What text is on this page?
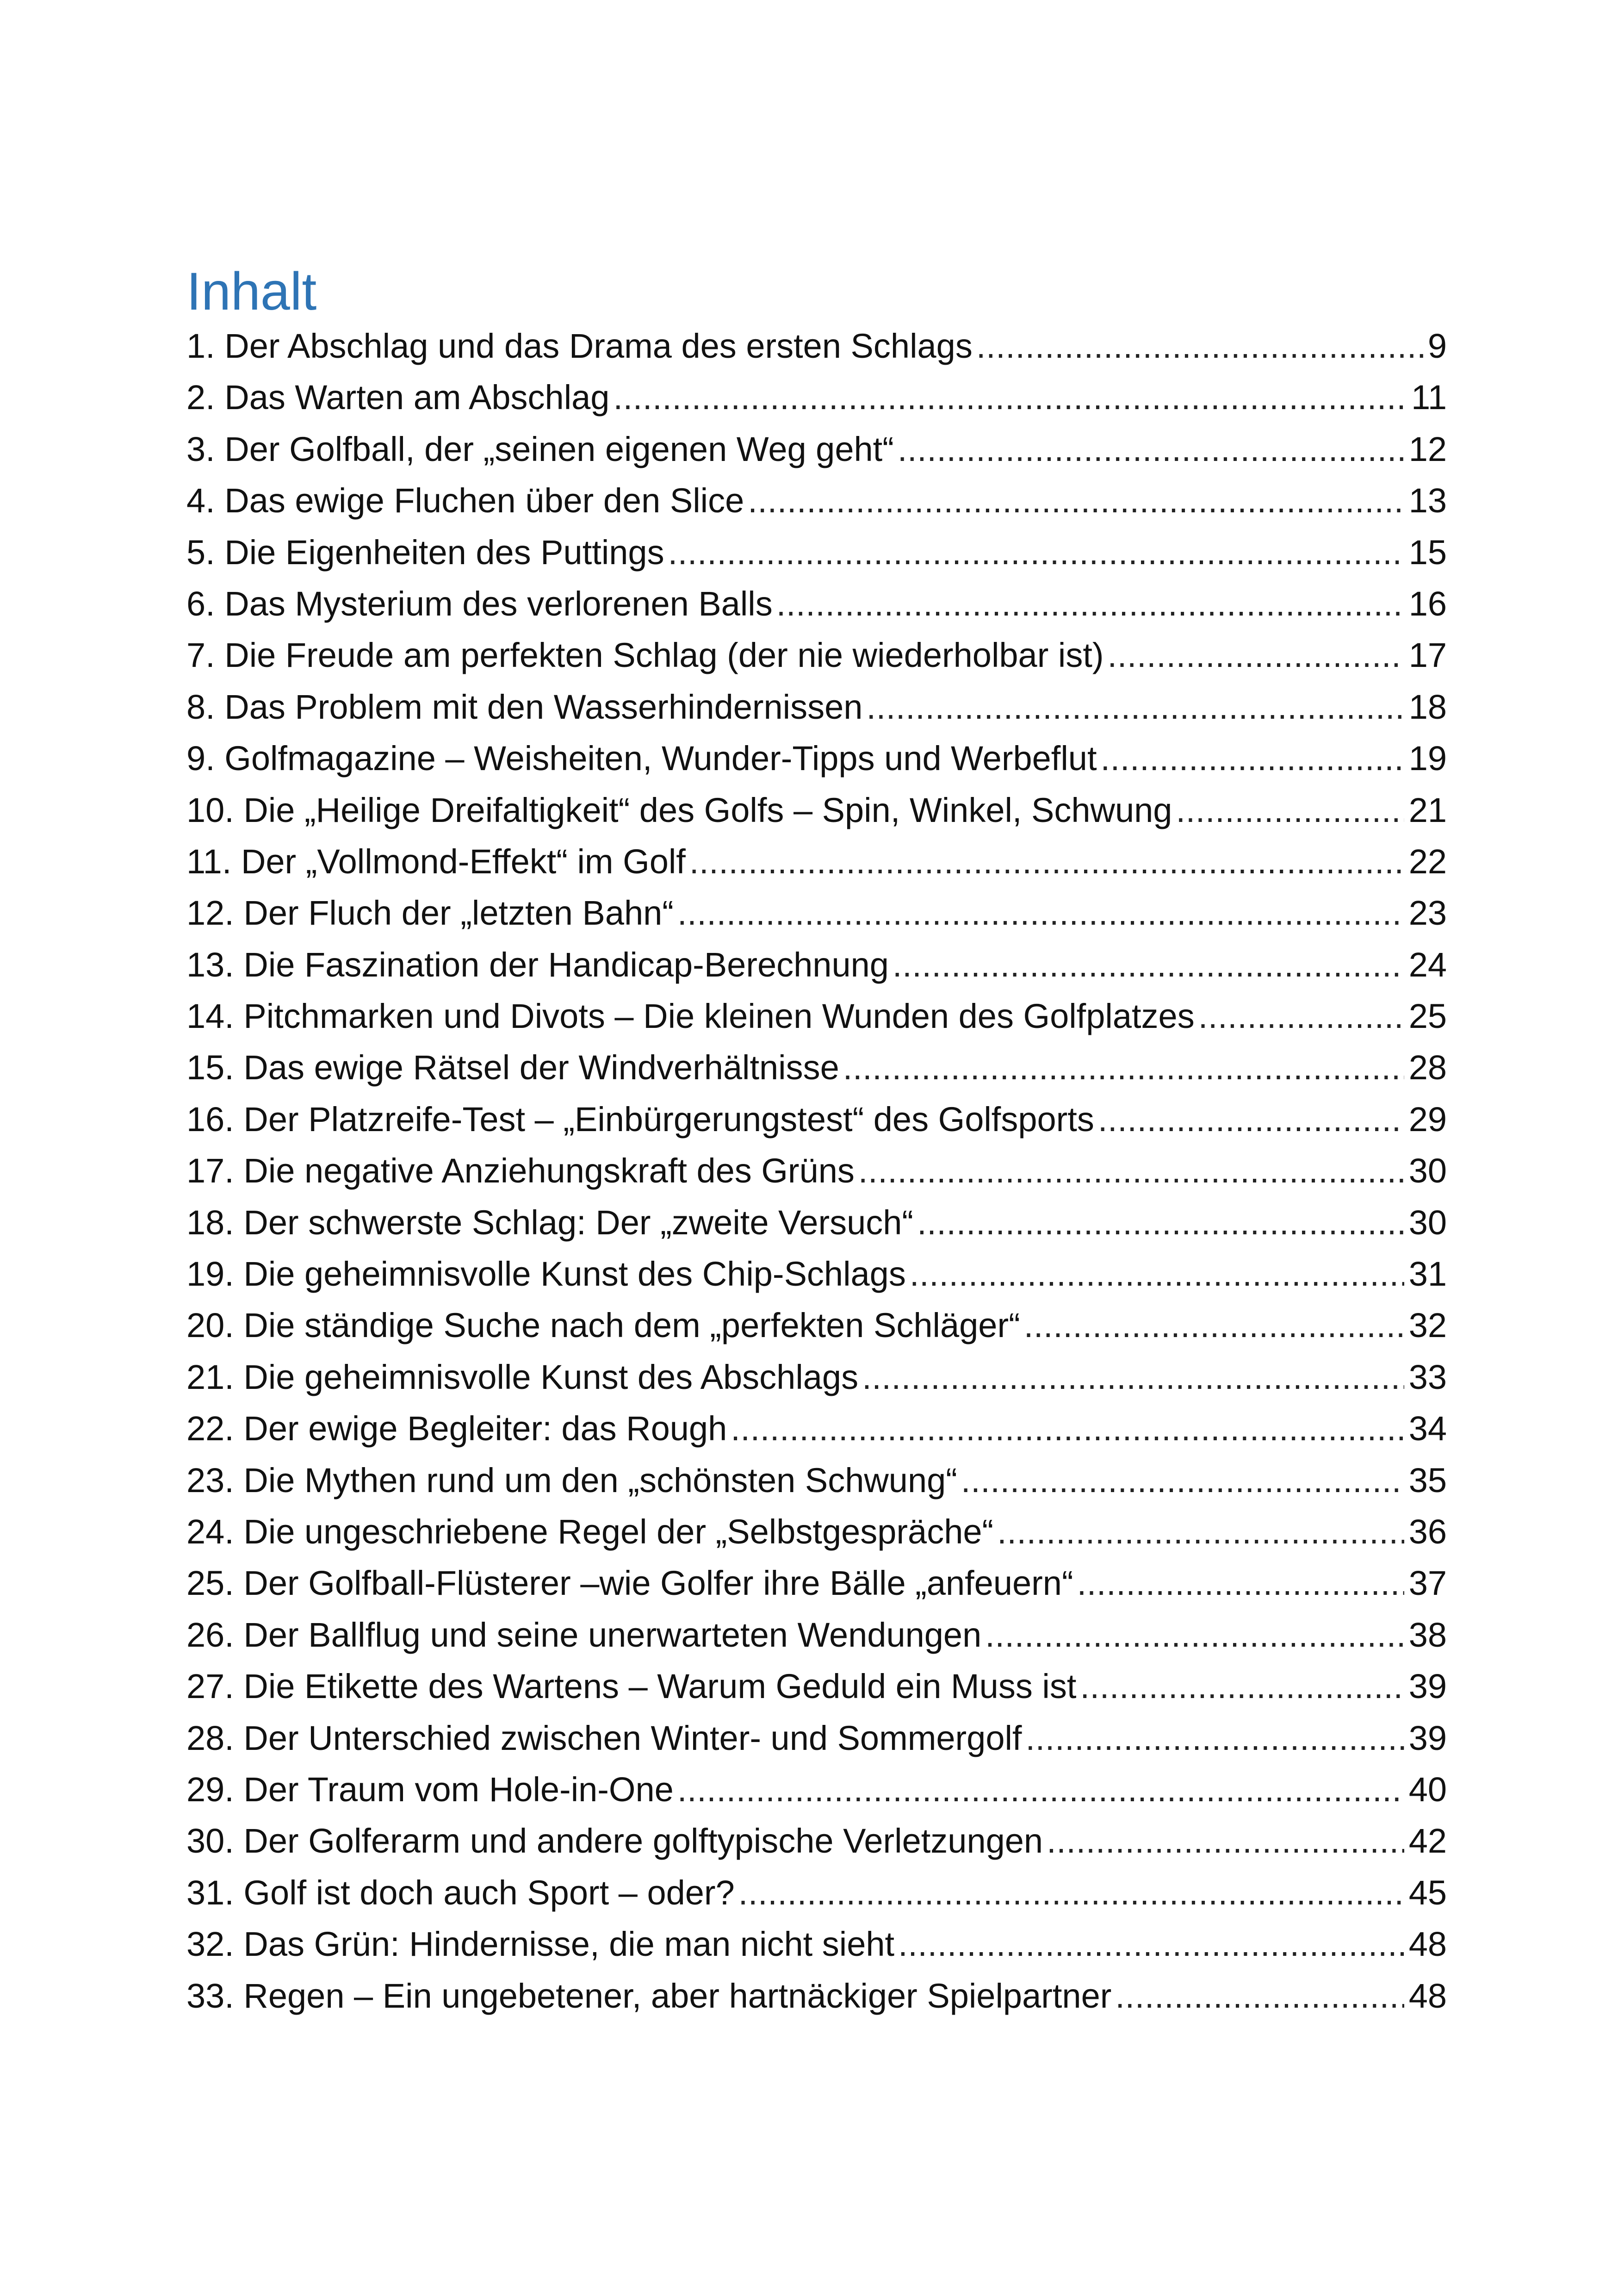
Inhalt
1. Der Abschlag und das Drama des ersten Schlags .....	9
2. Das Warten am Abschlag .....	11
3. Der Golfball, der „seinen eigenen Weg geht“ .....	12
4. Das ewige Fluchen über den Slice .....	13
5. Die Eigenheiten des Puttings .....	15
6. Das Mysterium des verlorenen Balls .....	16
7. Die Freude am perfekten Schlag (der nie wiederholbar ist) .....	17
8. Das Problem mit den Wasserhindernissen .....	18
9. Golfmagazine – Weisheiten, Wunder-Tipps und Werbeflut .....	19
10. Die „Heilige Dreifaltigkeit“ des Golfs – Spin, Winkel, Schwung .....	21
11. Der „Vollmond-Effekt“ im Golf .....	22
12. Der Fluch der „letzten Bahn“ .....	23
13. Die Faszination der Handicap-Berechnung .....	24
14. Pitchmarken und Divots – Die kleinen Wunden des Golfplatzes .....	25
15. Das ewige Rätsel der Windverhältnisse .....	28
16. Der Platzreife-Test – „Einbürgerungstest“ des Golfsports .....	29
17. Die negative Anziehungskraft des Grüns .....	30
18. Der schwerste Schlag: Der „zweite Versuch“ .....	30
19. Die geheimnisvolle Kunst des Chip-Schlags .....	31
20. Die ständige Suche nach dem „perfekten Schläger“ .....	32
21. Die geheimnisvolle Kunst des Abschlags .....	33
22. Der ewige Begleiter: das Rough .....	34
23. Die Mythen rund um den „schönsten Schwung“ .....	35
24. Die ungeschriebene Regel der „Selbstgespräche“ .....	36
25. Der Golfball-Flüsterer –wie Golfer ihre Bälle „anfeuern“ .....	37
26. Der Ballflug und seine unerwarteten Wendungen .....	38
27. Die Etikette des Wartens – Warum Geduld ein Muss ist .....	39
28. Der Unterschied zwischen Winter- und Sommergolf .....	39
29. Der Traum vom Hole-in-One .....	40
30. Der Golferarm und andere golftypische Verletzungen .....	42
31. Golf ist doch auch Sport – oder? .....	45
32. Das Grün: Hindernisse, die man nicht sieht .....	48
33. Regen – Ein ungebetener, aber hartnäckiger Spielpartner .....	48
